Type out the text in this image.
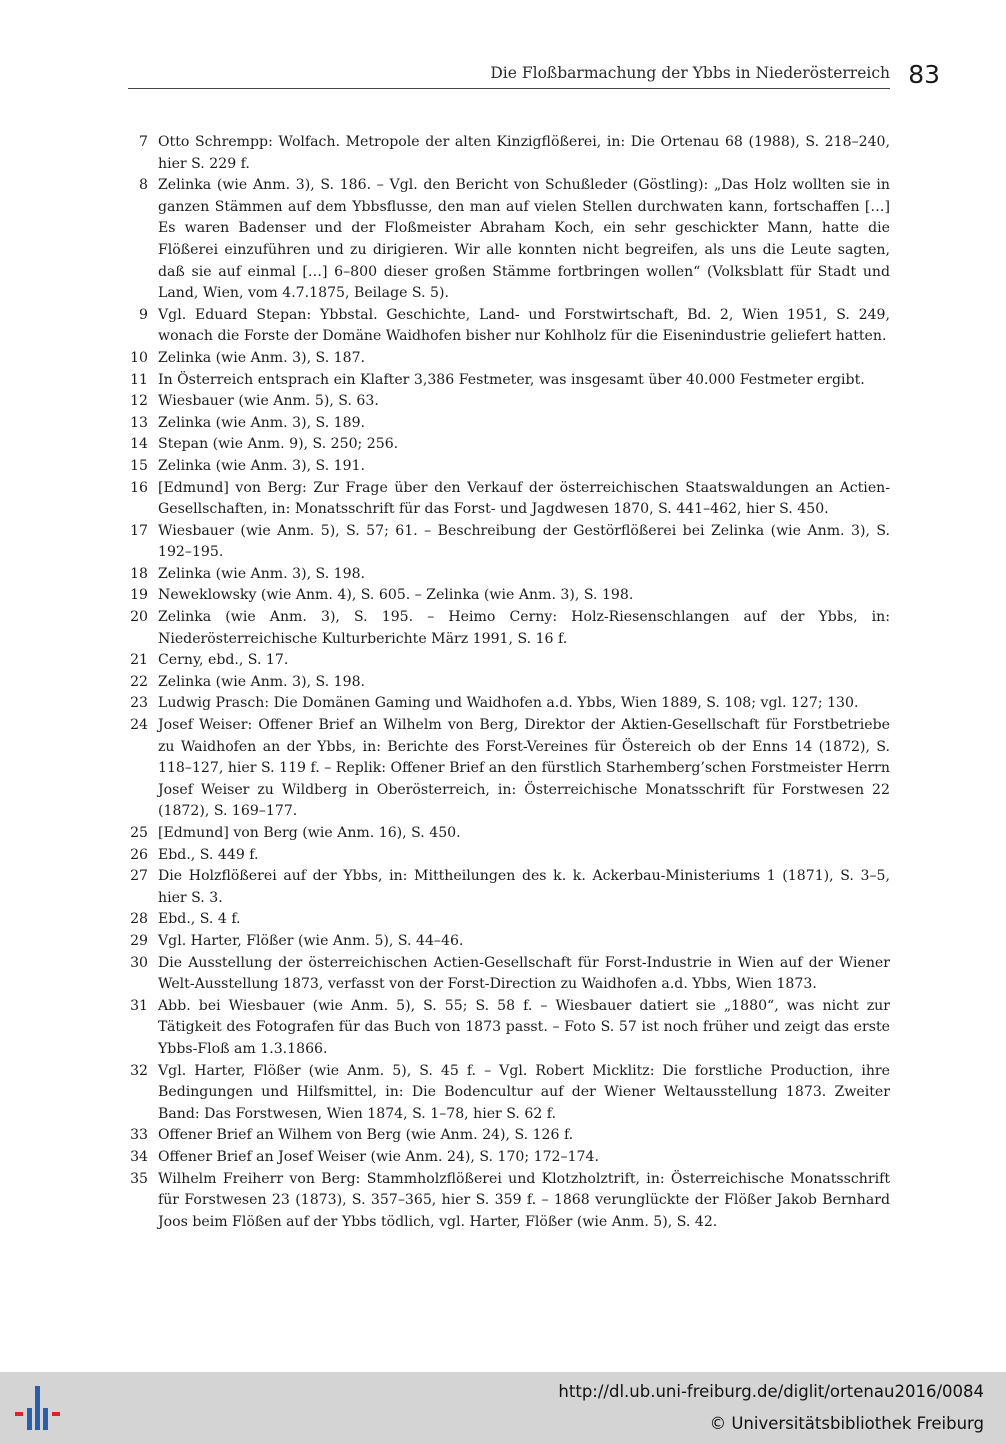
Die Floßbarmachung der Ybbs in Niederösterreich 83
7 Otto Schrempp: Wolfach. Metropole der alten Kinzigflößerei, in: Die Ortenau 68 (1988), S. 218–240, hier S. 229 f.
8 Zelinka (wie Anm. 3), S. 186. – Vgl. den Bericht von Schußleder (Göstling): „Das Holz wollten sie in ganzen Stämmen auf dem Ybbsflusse, den man auf vielen Stellen durchwaten kann, fortschaffen […] Es waren Badenser und der Floßmeister Abraham Koch, ein sehr geschickter Mann, hatte die Flößerei einzuführen und zu dirigieren. Wir alle konnten nicht begreifen, als uns die Leute sagten, daß sie auf einmal […] 6–800 dieser großen Stämme fortbringen wollen“ (Volksblatt für Stadt und Land, Wien, vom 4.7.1875, Beilage S. 5).
9 Vgl. Eduard Stepan: Ybbstal. Geschichte, Land- und Forstwirtschaft, Bd. 2, Wien 1951, S. 249, wonach die Forste der Domäne Waidhofen bisher nur Kohlholz für die Eisenindustrie geliefert hatten.
10 Zelinka (wie Anm. 3), S. 187.
11 In Österreich entsprach ein Klafter 3,386 Festmeter, was insgesamt über 40.000 Festmeter ergibt.
12 Wiesbauer (wie Anm. 5), S. 63.
13 Zelinka (wie Anm. 3), S. 189.
14 Stepan (wie Anm. 9), S. 250; 256.
15 Zelinka (wie Anm. 3), S. 191.
16 [Edmund] von Berg: Zur Frage über den Verkauf der österreichischen Staatswaldungen an Actien-Gesellschaften, in: Monatsschrift für das Forst- und Jagdwesen 1870, S. 441–462, hier S. 450.
17 Wiesbauer (wie Anm. 5), S. 57; 61. – Beschreibung der Gestörflößerei bei Zelinka (wie Anm. 3), S. 192–195.
18 Zelinka (wie Anm. 3), S. 198.
19 Neweklowsky (wie Anm. 4), S. 605. – Zelinka (wie Anm. 3), S. 198.
20 Zelinka (wie Anm. 3), S. 195. – Heimo Cerny: Holz-Riesenschlangen auf der Ybbs, in: Niederösterreichische Kulturberichte März 1991, S. 16 f.
21 Cerny, ebd., S. 17.
22 Zelinka (wie Anm. 3), S. 198.
23 Ludwig Prasch: Die Domänen Gaming und Waidhofen a.d. Ybbs, Wien 1889, S. 108; vgl. 127; 130.
24 Josef Weiser: Offener Brief an Wilhelm von Berg, Direktor der Aktien-Gesellschaft für Forstbetriebe zu Waidhofen an der Ybbs, in: Berichte des Forst-Vereines für Östereich ob der Enns 14 (1872), S. 118–127, hier S. 119 f. – Replik: Offener Brief an den fürstlich Starhemberg’schen Forstmeister Herrn Josef Weiser zu Wildberg in Oberösterreich, in: Österreichische Monatsschrift für Forstwesen 22 (1872), S. 169–177.
25 [Edmund] von Berg (wie Anm. 16), S. 450.
26 Ebd., S. 449 f.
27 Die Holzflößerei auf der Ybbs, in: Mittheilungen des k. k. Ackerbau-Ministeriums 1 (1871), S. 3–5, hier S. 3.
28 Ebd., S. 4 f.
29 Vgl. Harter, Flößer (wie Anm. 5), S. 44–46.
30 Die Ausstellung der österreichischen Actien-Gesellschaft für Forst-Industrie in Wien auf der Wiener Welt-Ausstellung 1873, verfasst von der Forst-Direction zu Waidhofen a.d. Ybbs, Wien 1873.
31 Abb. bei Wiesbauer (wie Anm. 5), S. 55; S. 58 f. – Wiesbauer datiert sie „1880“, was nicht zur Tätigkeit des Fotografen für das Buch von 1873 passt. – Foto S. 57 ist noch früher und zeigt das erste Ybbs-Floß am 1.3.1866.
32 Vgl. Harter, Flößer (wie Anm. 5), S. 45 f. – Vgl. Robert Micklitz: Die forstliche Production, ihre Bedingungen und Hilfsmittel, in: Die Bodencultur auf der Wiener Weltausstellung 1873. Zweiter Band: Das Forstwesen, Wien 1874, S. 1–78, hier S. 62 f.
33 Offener Brief an Wilhem von Berg (wie Anm. 24), S. 126 f.
34 Offener Brief an Josef Weiser (wie Anm. 24), S. 170; 172–174.
35 Wilhelm Freiherr von Berg: Stammholzflößerei und Klotzholztrift, in: Österreichische Monatsschrift für Forstwesen 23 (1873), S. 357–365, hier S. 359 f. – 1868 verunglückte der Flößer Jakob Bernhard Joos beim Flößen auf der Ybbs tödlich, vgl. Harter, Flößer (wie Anm. 5), S. 42.
http://dl.ub.uni-freiburg.de/diglit/ortenau2016/0084
© Universitätsbibliothek Freiburg
